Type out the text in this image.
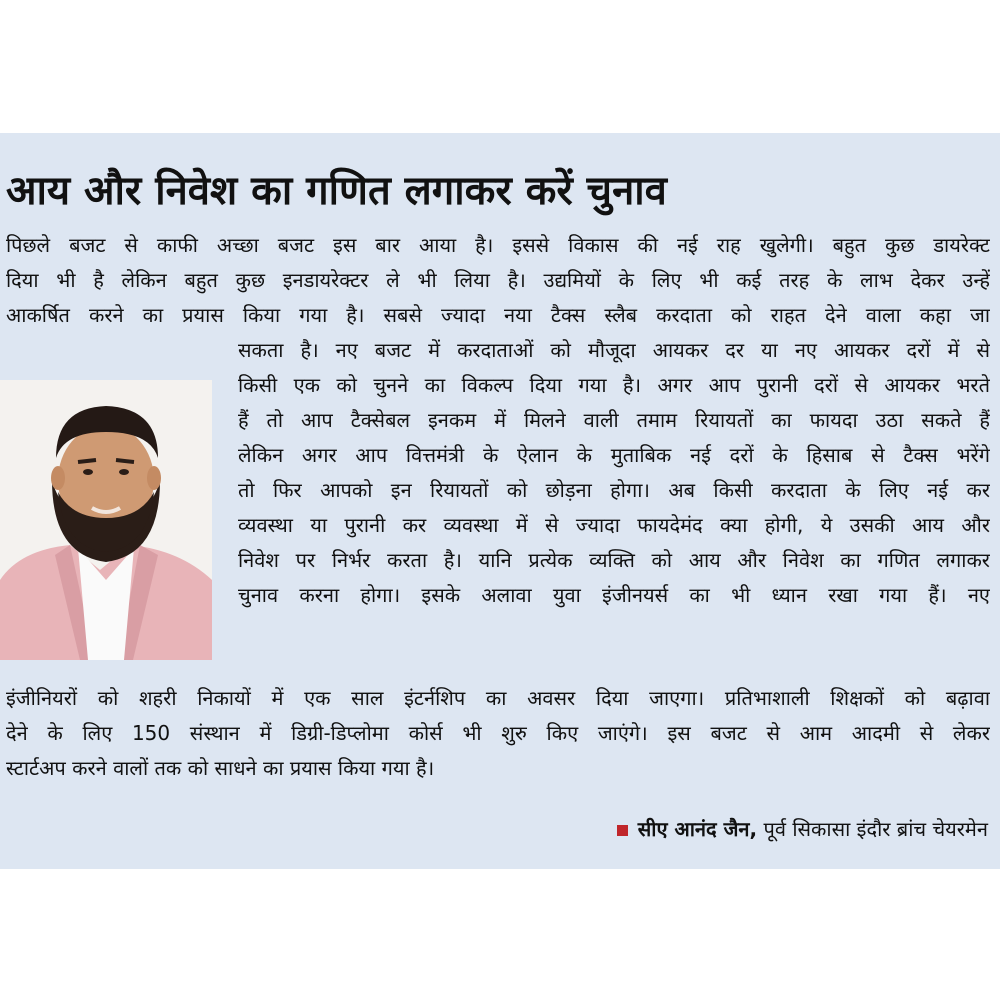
आय और निवेश का गणित लगाकर करें चुनाव
पिछले बजट से काफी अच्छा बजट इस बार आया है। इससे विकास की नई राह खुलेगी। बहुत कुछ डायरेक्ट
दिया भी है लेकिन बहुत कुछ इनडायरेक्टर ले भी लिया है। उद्यमियों के लिए भी कई तरह के लाभ देकर उन्हें
आकर्षित करने का प्रयास किया गया है। सबसे ज्यादा नया टैक्स स्लैब करदाता को राहत देने वाला कहा जा
सकता है। नए बजट में करदाताओं को मौजूदा आयकर दर या नए आयकर दरों में से
किसी एक को चुनने का विकल्प दिया गया है। अगर आप पुरानी दरों से आयकर भरते
हैं तो आप टैक्सेबल इनकम में मिलने वाली तमाम रियायतों का फायदा उठा सकते हैं
लेकिन अगर आप वित्तमंत्री के ऐलान के मुताबिक नई दरों के हिसाब से टैक्स भरेंगे
तो फिर आपको इन रियायतों को छोड़ना होगा। अब किसी करदाता के लिए नई कर
व्यवस्था या पुरानी कर व्यवस्था में से ज्यादा फायदेमंद क्या होगी, ये उसकी आय और
निवेश पर निर्भर करता है। यानि प्रत्येक व्यक्ति को आय और निवेश का गणित लगाकर
चुनाव करना होगा। इसके अलावा युवा इंजीनयर्स का भी ध्यान रखा गया हैं। नए
इंजीनियरों को शहरी निकायों में एक साल इंटर्नशिप का अवसर दिया जाएगा। प्रतिभाशाली शिक्षकों को बढ़ावा
देने के लिए 150 संस्थान में डिग्री-डिप्लोमा कोर्स भी शुरु किए जाएंगे। इस बजट से आम आदमी से लेकर
स्टार्टअप करने वालों तक को साधने का प्रयास किया गया है।
सीए आनंद जैन, पूर्व सिकासा इंदौर ब्रांच चेयरमेन
